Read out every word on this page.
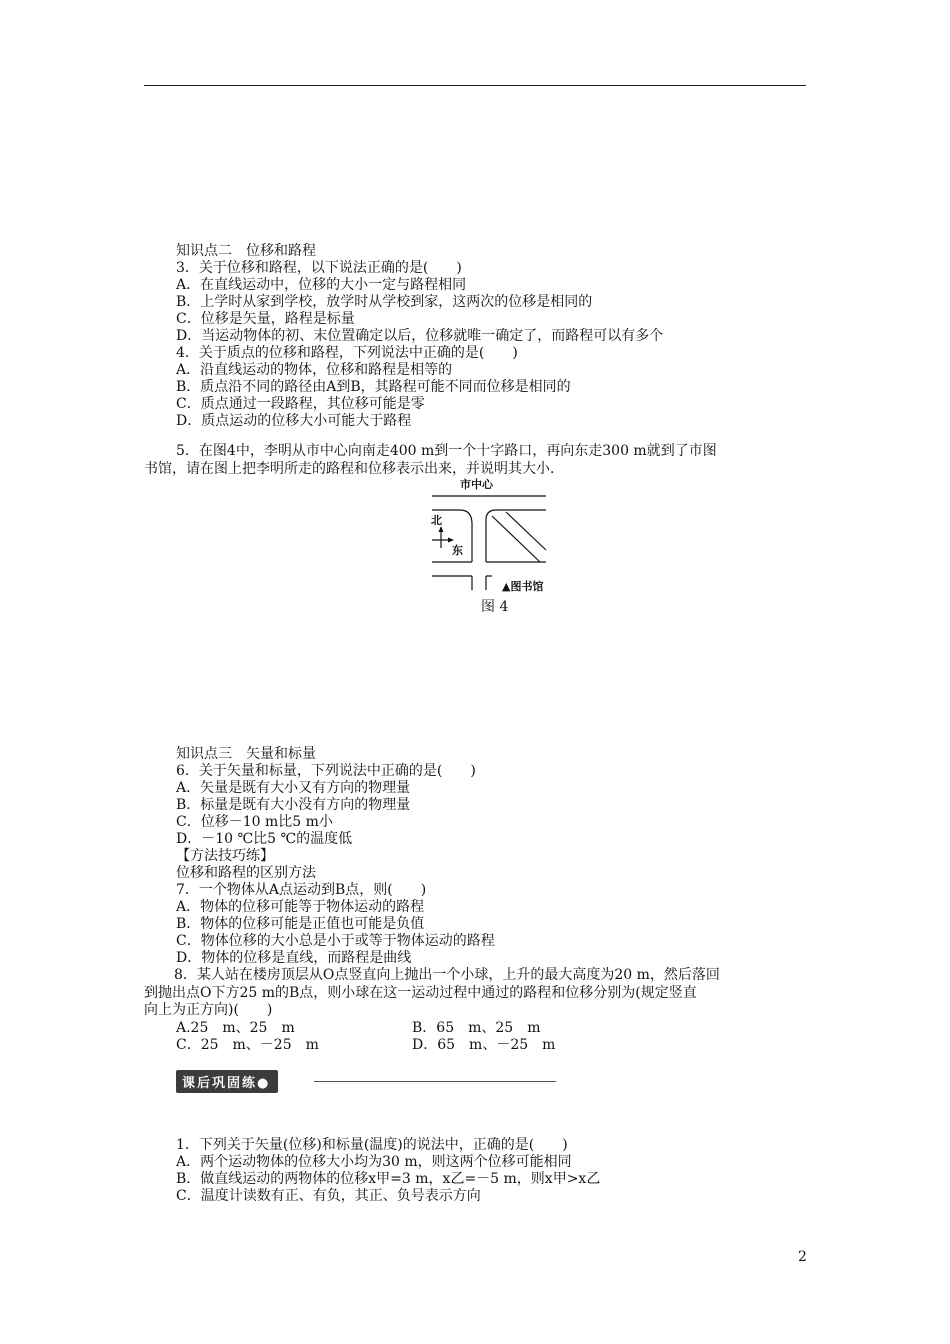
知识点二　位移和路程
3．关于位移和路程，以下说法正确的是(　　)
A．在直线运动中，位移的大小一定与路程相同
B．上学时从家到学校，放学时从学校到家，这两次的位移是相同的
C．位移是矢量，路程是标量
D．当运动物体的初、末位置确定以后，位移就唯一确定了，而路程可以有多个
4．关于质点的位移和路程，下列说法中正确的是(　　)
A．沿直线运动的物体，位移和路程是相等的
B．质点沿不同的路径由A到B，其路程可能不同而位移是相同的
C．质点通过一段路程，其位移可能是零
D．质点运动的位移大小可能大于路程
5．在图4中，李明从市中心向南走400 m到一个十字路口，再向东走300 m就到了市图
书馆，请在图上把李明所走的路程和位移表示出来，并说明其大小．
市中心
北
东
▲图书馆
图 4
知识点三　矢量和标量
6．关于矢量和标量，下列说法中正确的是(　　)
A．矢量是既有大小又有方向的物理量
B．标量是既有大小没有方向的物理量
C．位移－10 m比5 m小
D．－10 ℃比5 ℃的温度低
【方法技巧练】
位移和路程的区别方法
7．一个物体从A点运动到B点，则(　　)
A．物体的位移可能等于物体运动的路程
B．物体的位移可能是正值也可能是负值
C．物体位移的大小总是小于或等于物体运动的路程
D．物体的位移是直线，而路程是曲线
　8．某人站在楼房顶层从O点竖直向上抛出一个小球，上升的最大高度为20 m，然后落回
到抛出点O下方25 m的B点，则小球在这一运动过程中通过的路程和位移分别为(规定竖直
向上为正方向)(　　)
A.25　m、25　m	B．65　m、25　m
C．25　m、－25　m	D．65　m、－25　m
课后巩固练●
1．下列关于矢量(位移)和标量(温度)的说法中，正确的是(　　)
A．两个运动物体的位移大小均为30 m，则这两个位移可能相同
B．做直线运动的两物体的位移x甲=3 m，x乙=－5 m，则x甲>x乙
C．温度计读数有正、有负，其正、负号表示方向
2
